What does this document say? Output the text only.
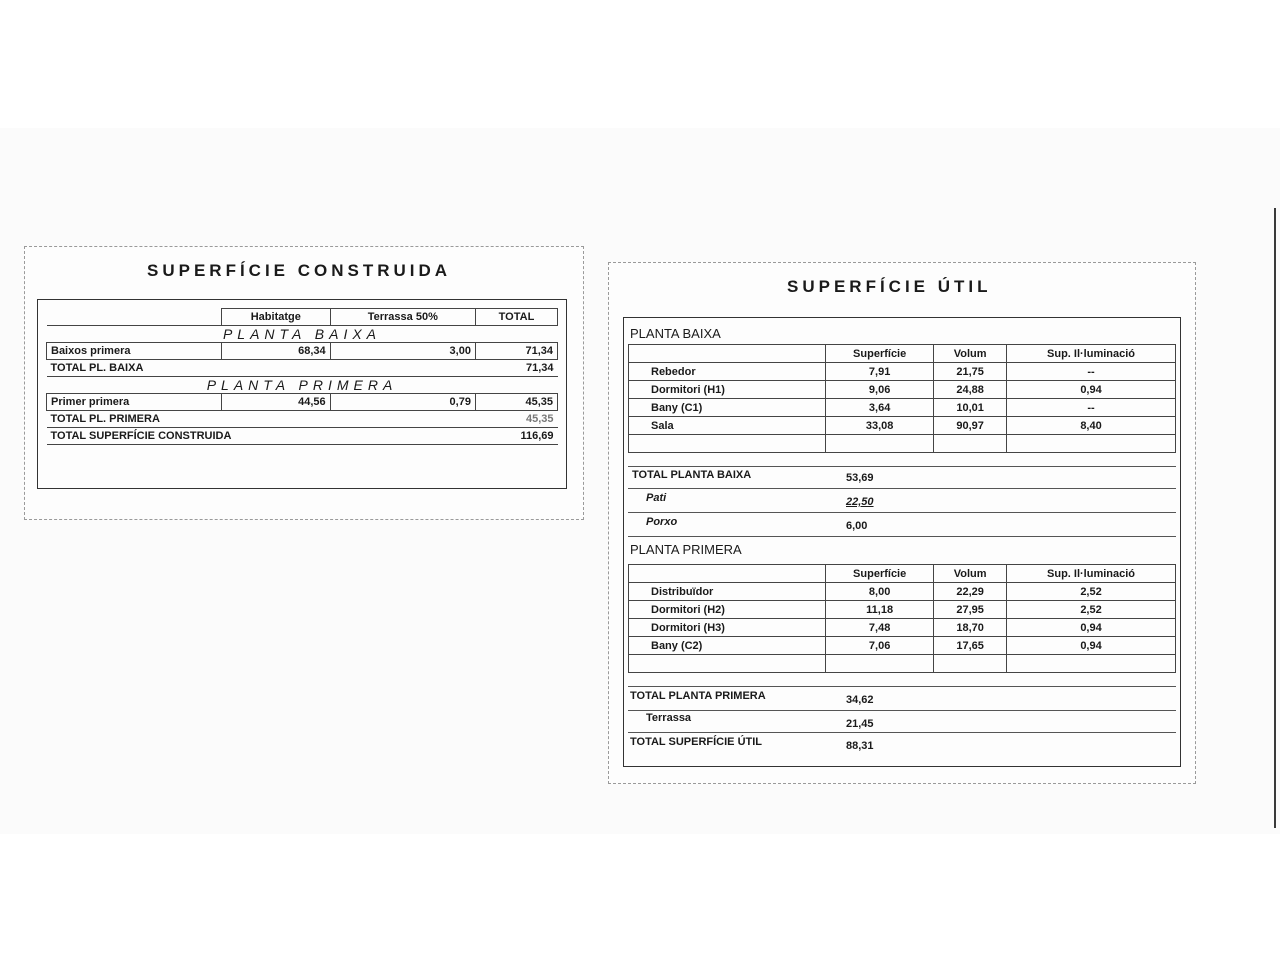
SUPERFÍCIE CONSTRUIDA
	Habitatge	Terrassa 50%	TOTAL
PLANTA BAIXA			
Baixos primera	68,34	3,00	71,34
TOTAL PL. BAIXA			71,34
PLANTA PRIMERA			
Primer primera	44,56	0,79	45,35
TOTAL PL. PRIMERA			45,35
TOTAL SUPERFÍCIE CONSTRUIDA			116,69
SUPERFÍCIE ÚTIL
PLANTA BAIXA
	Superfície	Volum	Sup. Il·luminació
Rebedor	7,91	21,75	--
Dormitori (H1)	9,06	24,88	0,94
Bany (C1)	3,64	10,01	--
Sala	33,08	90,97	8,40

TOTAL PLANTA BAIXA	53,69
Pati	22,50
Porxo	6,00
PLANTA PRIMERA
	Superfície	Volum	Sup. Il·luminació
Distribuïdor	8,00	22,29	2,52
Dormitori (H2)	11,18	27,95	2,52
Dormitori (H3)	7,48	18,70	0,94
Bany (C2)	7,06	17,65	0,94

TOTAL PLANTA PRIMERA	34,62
Terrassa	21,45
TOTAL SUPERFÍCIE ÚTIL	88,31
